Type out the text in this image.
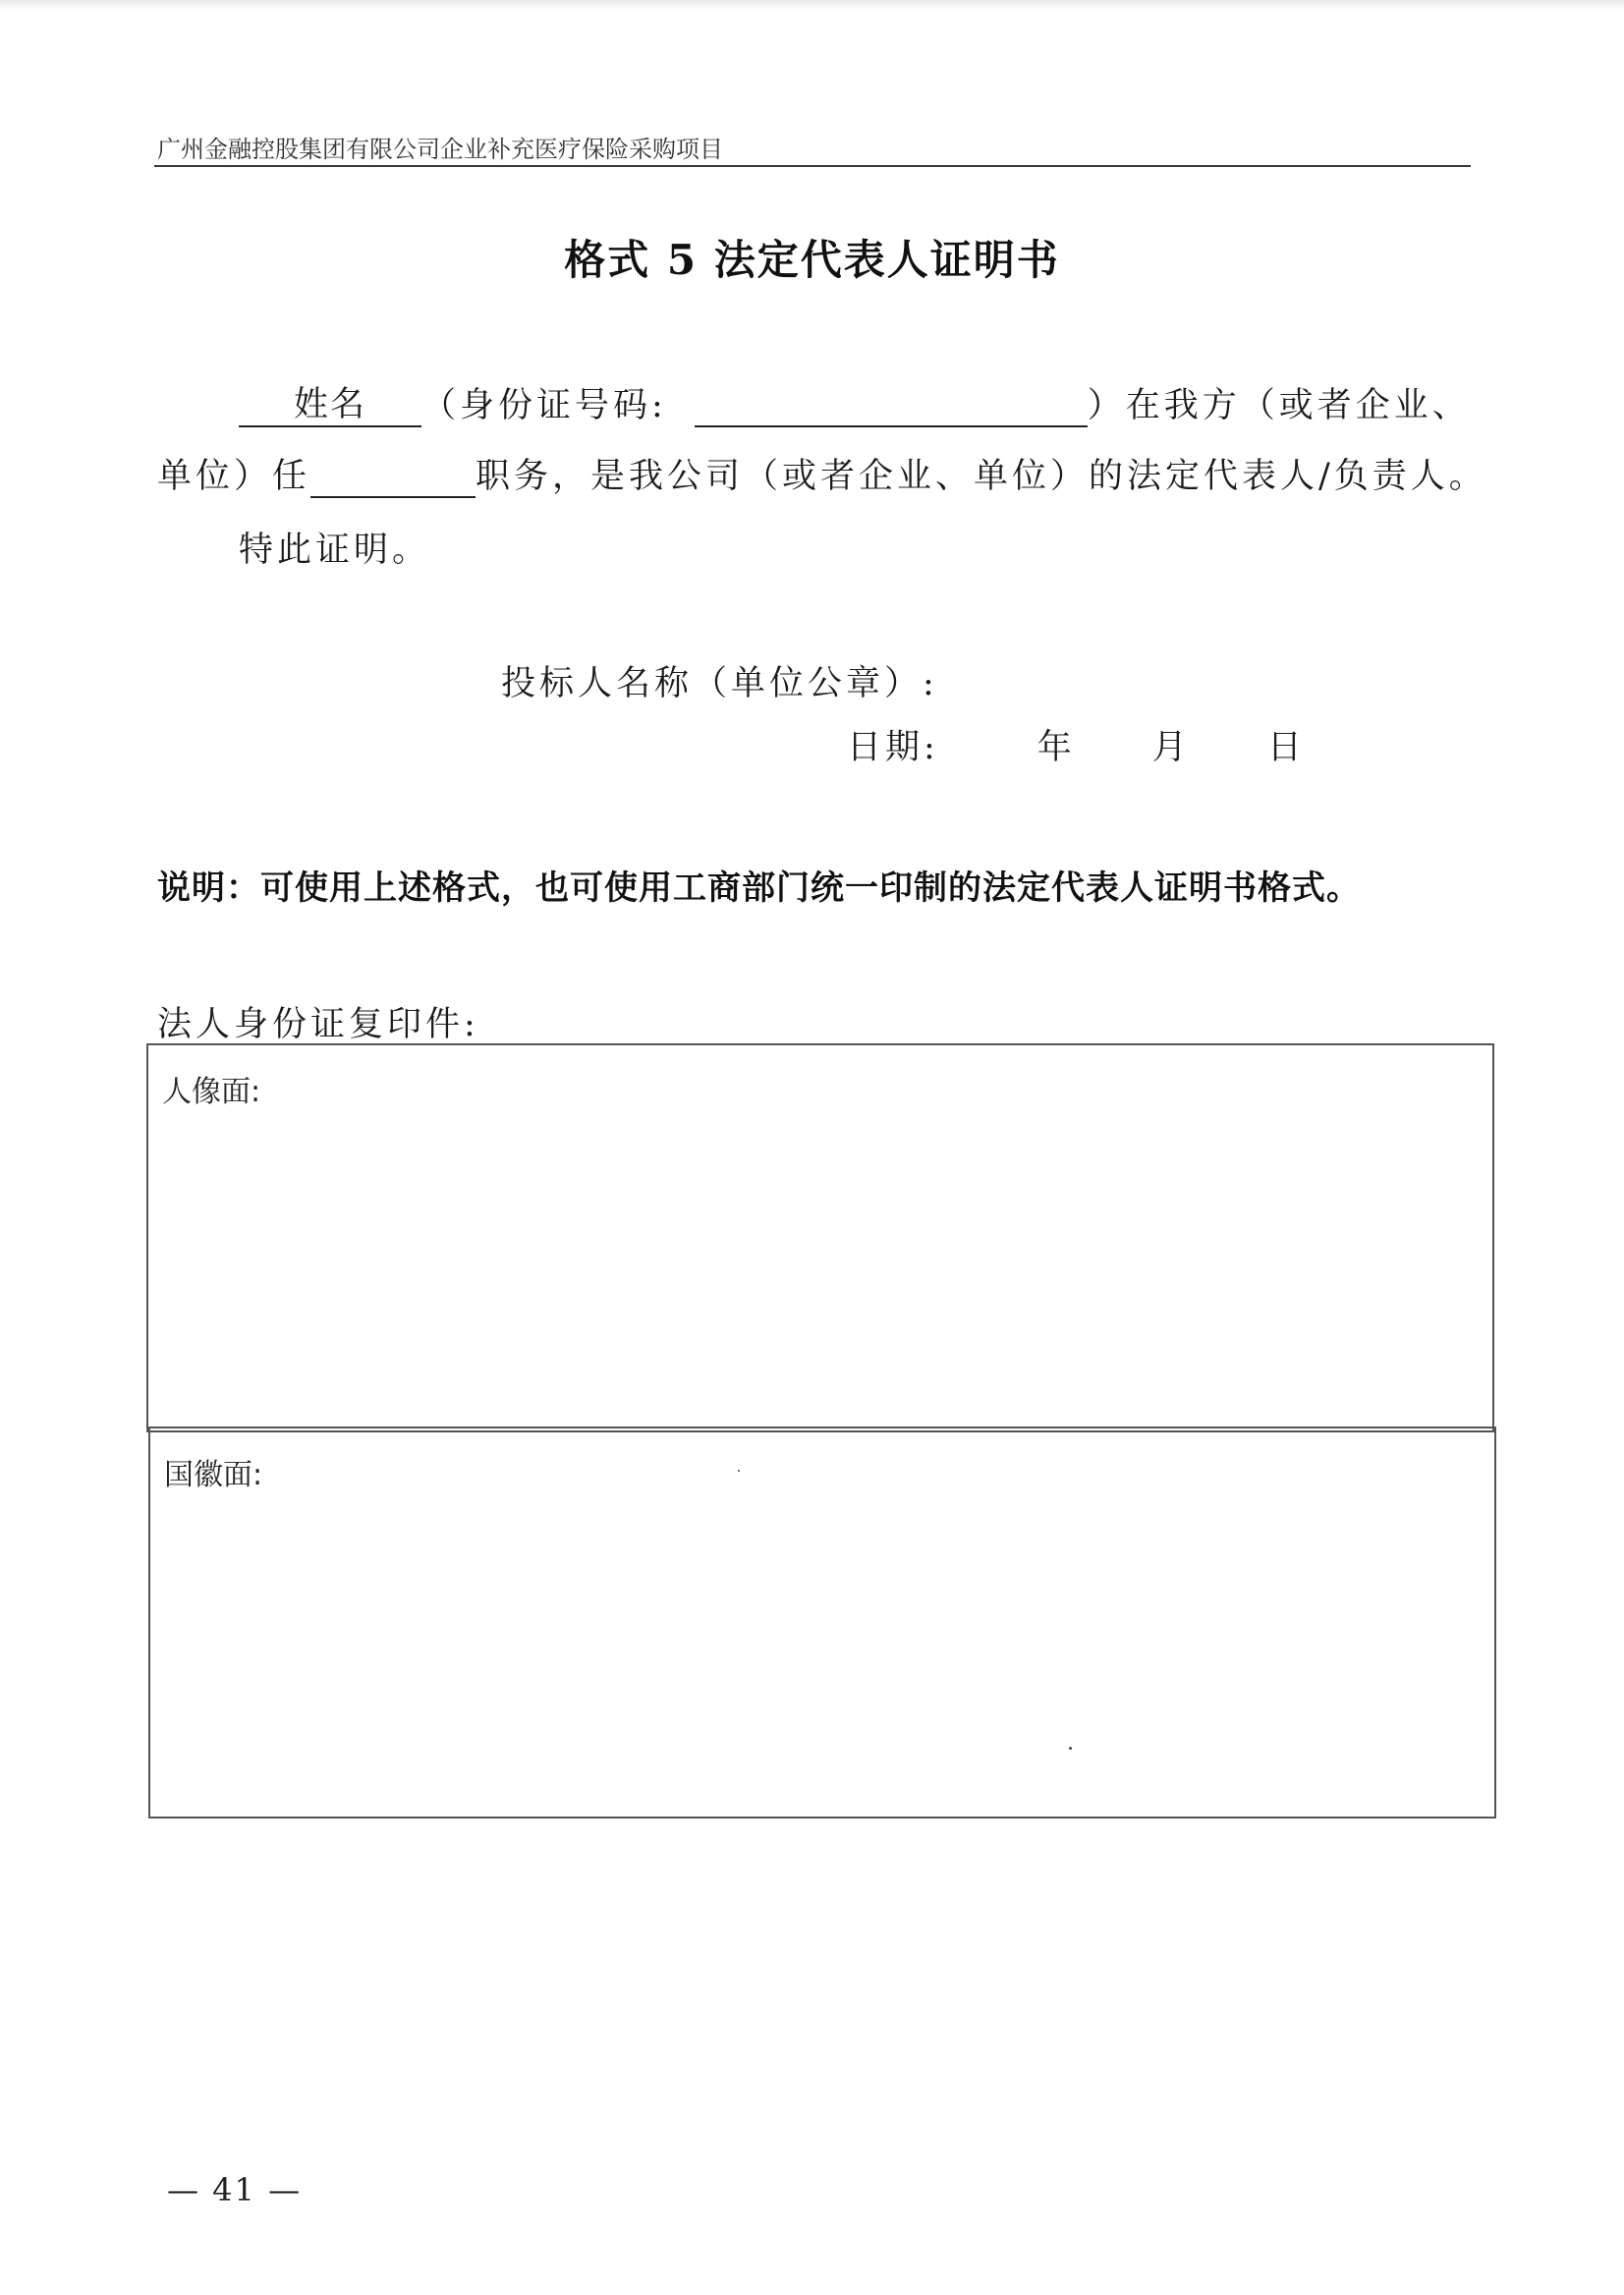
广州金融控股集团有限公司企业补充医疗保险采购项目
格式 5 法定代表人证明书
姓名 （身份证号码:	）在我方（或者企业、
单位）任	职务，是我公司（或者企业、单位）的法定代表人/负责人。
特此证明。
投标人名称（单位公章）:
日期:	年 月 日
说明：可使用上述格式，也可使用工商部门统一印制的法定代表人证明书格式。
法人身份证复印件:
人像面:
国徽面:
— 41 —
